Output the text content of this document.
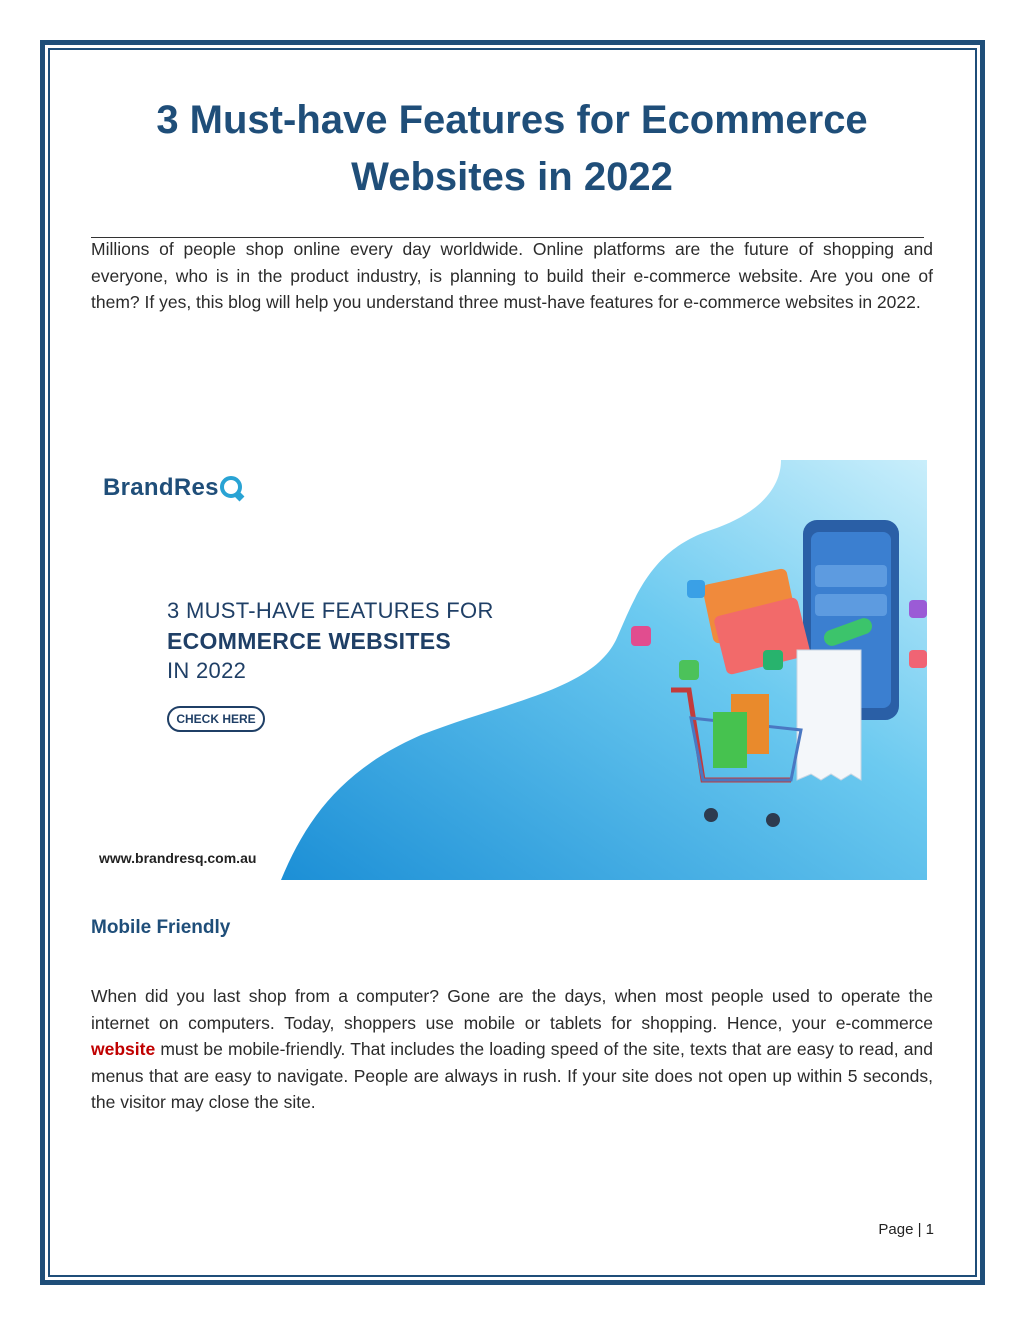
3 Must-have Features for Ecommerce Websites in 2022
Millions of people shop online every day worldwide. Online platforms are the future of shopping and everyone, who is in the product industry, is planning to build their e-commerce website. Are you one of them? If yes, this blog will help you understand three must-have features for e-commerce websites in 2022.
BrandRes
3 MUST-HAVE FEATURES FOR
ECOMMERCE WEBSITES
IN 2022
CHECK HERE
www.brandresq.com.au
Mobile Friendly
When did you last shop from a computer? Gone are the days, when most people used to operate the internet on computers. Today, shoppers use mobile or tablets for shopping. Hence, your e-commerce website must be mobile-friendly. That includes the loading speed of the site, texts that are easy to read, and menus that are easy to navigate. People are always in rush. If your site does not open up within 5 seconds, the visitor may close the site.
Page | 1
